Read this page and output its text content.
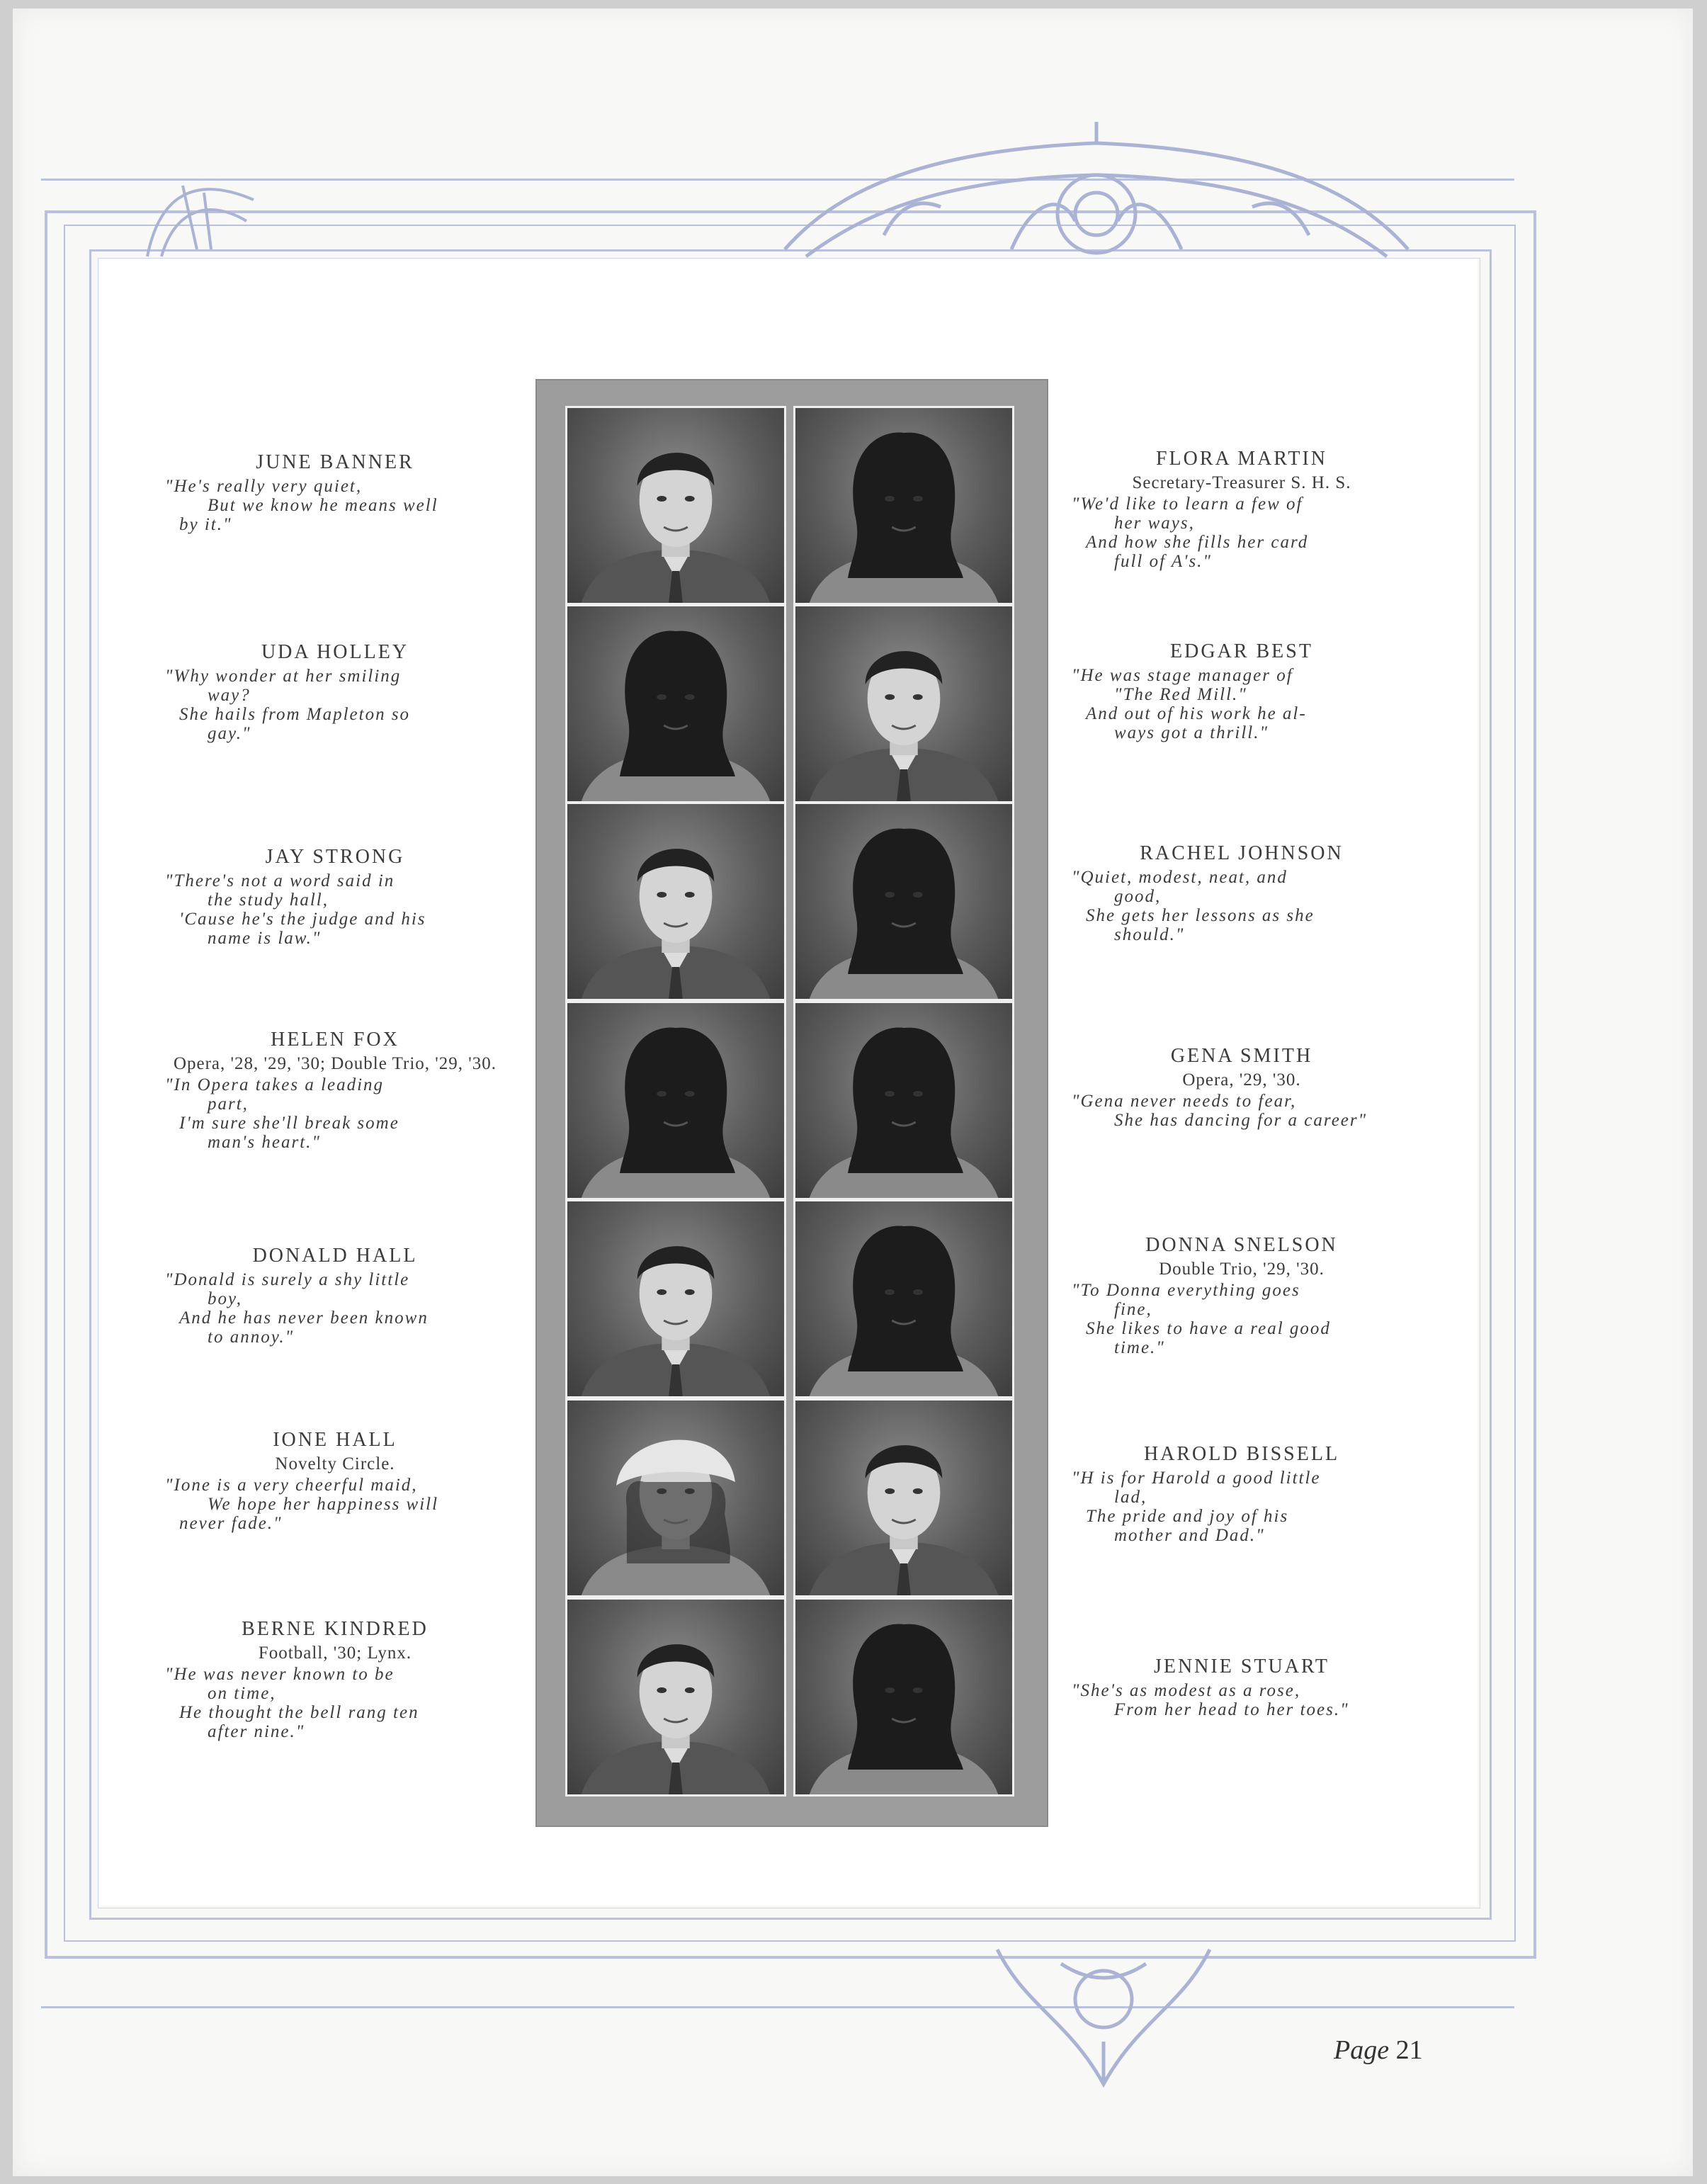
JUNE BANNER
"He's really very quiet,
But we know he means well
by it."
UDA HOLLEY
"Why wonder at her smiling
way?
She hails from Mapleton so
gay."
JAY STRONG
"There's not a word said in
the study hall,
'Cause he's the judge and his
name is law."
HELEN FOX
Opera, '28, '29, '30; Double Trio, '29, '30.
"In Opera takes a leading
part,
I'm sure she'll break some
man's heart."
DONALD HALL
"Donald is surely a shy little
boy,
And he has never been known
to annoy."
IONE HALL
Novelty Circle.
"Ione is a very cheerful maid,
We hope her happiness will
never fade."
BERNE KINDRED
Football, '30; Lynx.
"He was never known to be
on time,
He thought the bell rang ten
after nine."
FLORA MARTIN
Secretary-Treasurer S. H. S.
"We'd like to learn a few of
her ways,
And how she fills her card
full of A's."
EDGAR BEST
"He was stage manager of
"The Red Mill."
And out of his work he al-
ways got a thrill."
RACHEL JOHNSON
"Quiet, modest, neat, and
good,
She gets her lessons as she
should."
GENA SMITH
Opera, '29, '30.
"Gena never needs to fear,
She has dancing for a career"
DONNA SNELSON
Double Trio, '29, '30.
"To Donna everything goes
fine,
She likes to have a real good
time."
HAROLD BISSELL
"H is for Harold a good little
lad,
The pride and joy of his
mother and Dad."
JENNIE STUART
"She's as modest as a rose,
From her head to her toes."
Page 21
